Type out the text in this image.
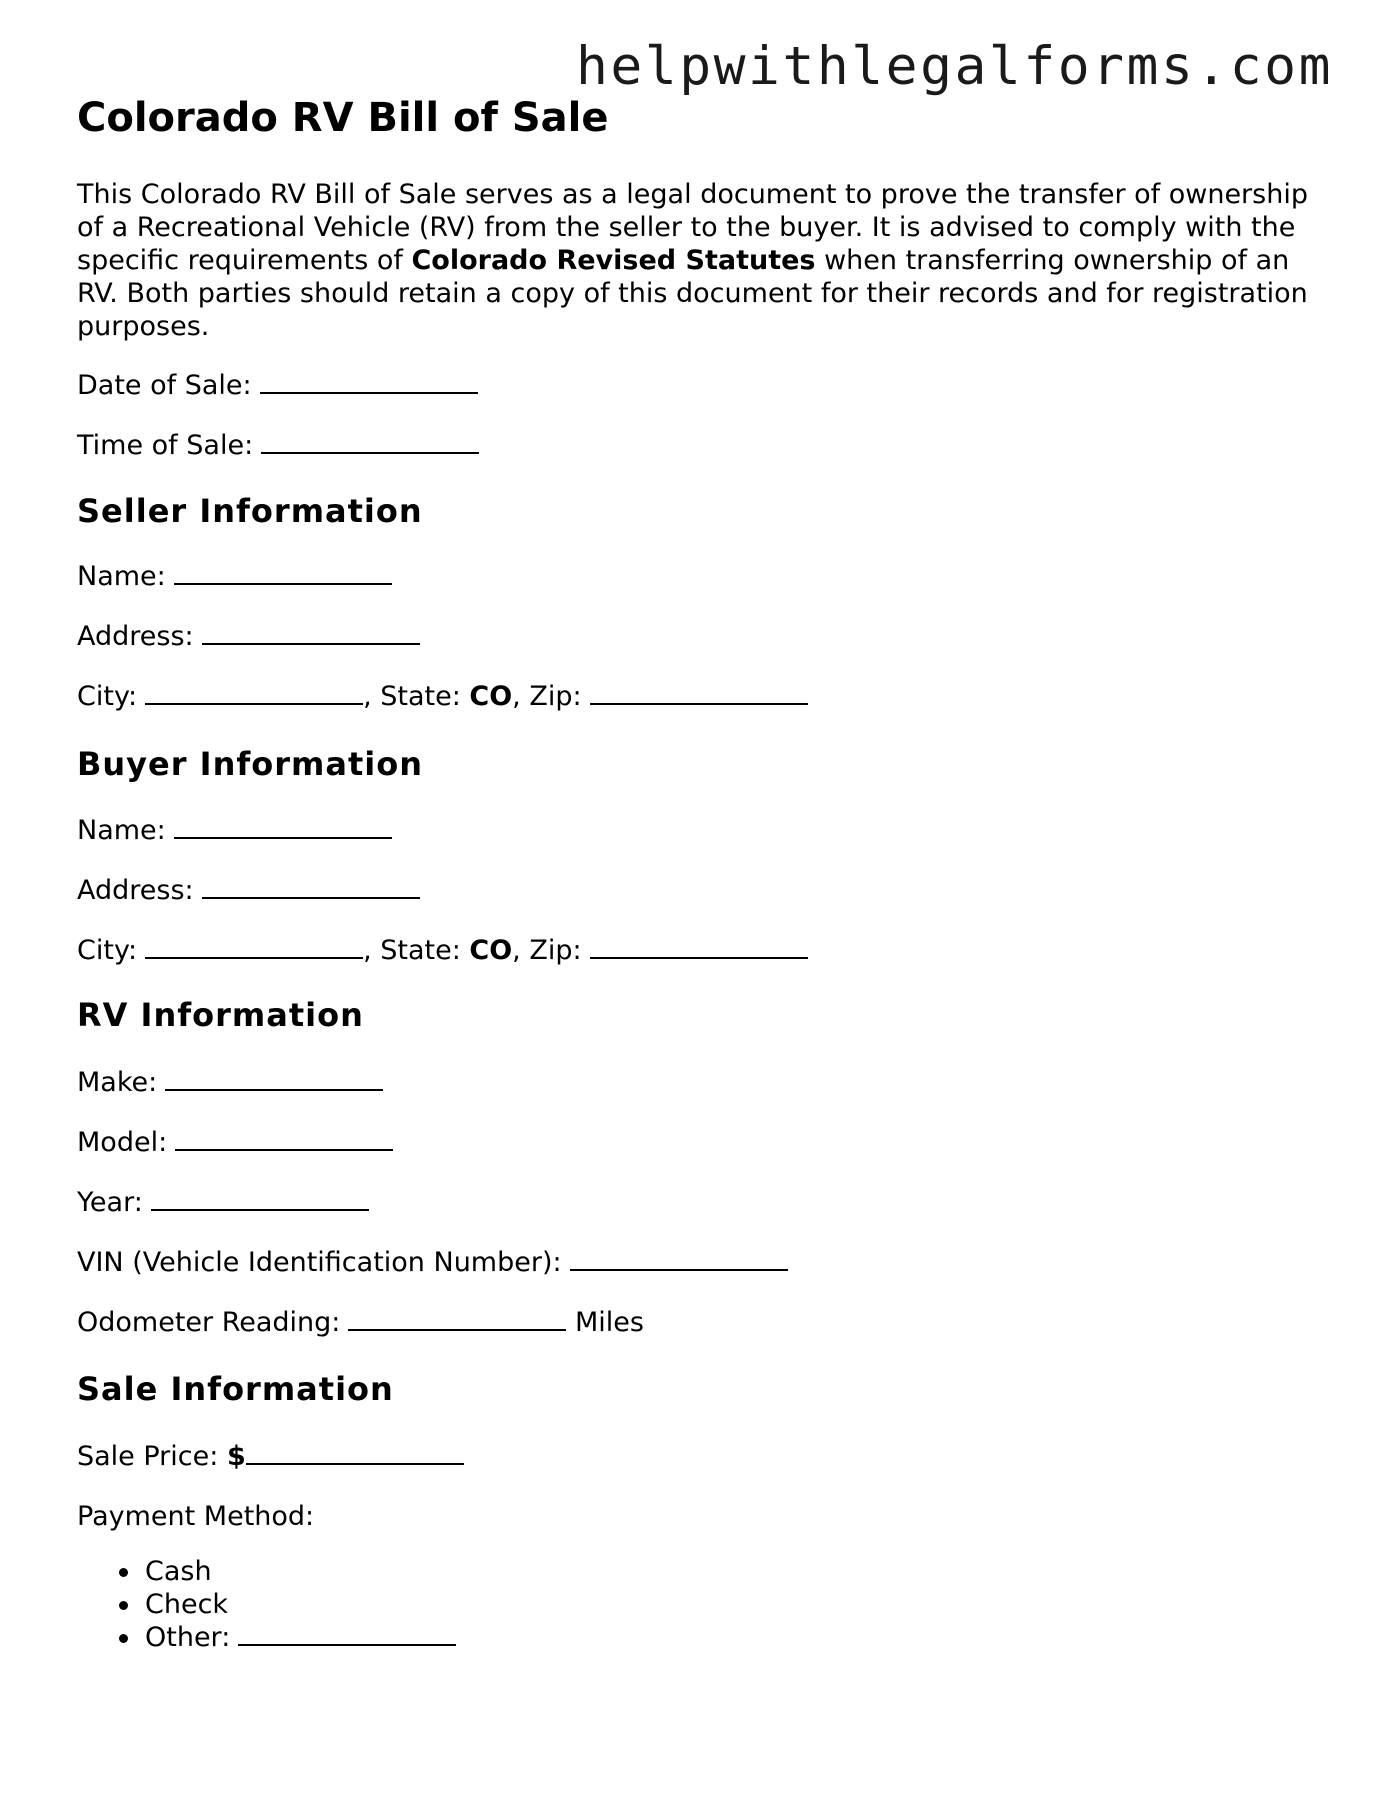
helpwithlegalforms.com
Colorado RV Bill of Sale

This Colorado RV Bill of Sale serves as a legal document to prove the transfer of ownership of a Recreational Vehicle (RV) from the seller to the buyer. It is advised to comply with the specific requirements of Colorado Revised Statutes when transferring ownership of an RV. Both parties should retain a copy of this document for their records and for registration purposes.

Date of Sale:

Time of Sale:

Seller Information

Name:

Address:

City:	, State: CO, Zip:

Buyer Information

Name:

Address:

City:	, State: CO, Zip:

RV Information

Make:

Model:

Year:

VIN (Vehicle Identification Number):

Odometer Reading:	Miles

Sale Information

Sale Price: $

Payment Method:

Cash
Check
Other:
